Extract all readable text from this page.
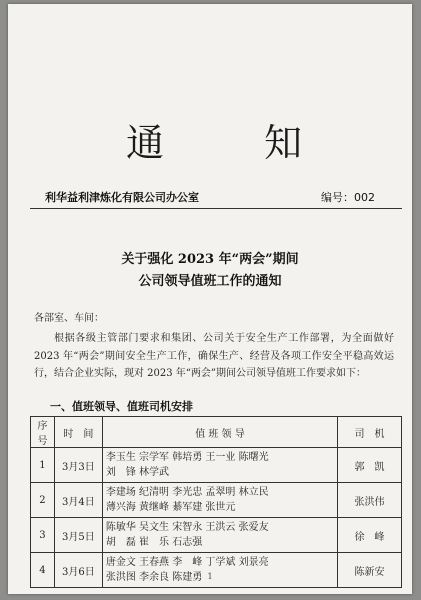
通	知
利华益利津炼化有限公司办公室	编号：002
关于强化 2023 年“两会”期间
公司领导值班工作的通知
各部室、车间：
根据各级主管部门要求和集团、公司关于安全生产工作部署，为全面做好 2023 年“两会”期间安全生产工作，确保生产、经营及各项工作安全平稳高效运行，结合企业实际，现对 2023 年“两会”期间公司领导值班工作要求如下：
一、值班领导、值班司机安排
序号	时　间	值 班 领 导	司　机
1	3月3日	李玉生 宗学军 韩培勇 王一业 陈曙光
刘　锋 林学武	郭　凯
2	3月4日	李建场 纪清明 李光忠 孟翠明 林立民
薄兴海 黄继峰 綦军建 张世元	张洪伟
3	3月5日	陈敏华 吴文生 宋智永 王洪云 张爱友
胡　磊 崔　乐 石志强	徐　峰
4	3月6日	唐金文 王春燕 李　峰 丁学斌 刘景亮
张洪图 李余良 陈建勇	陈新安
1
